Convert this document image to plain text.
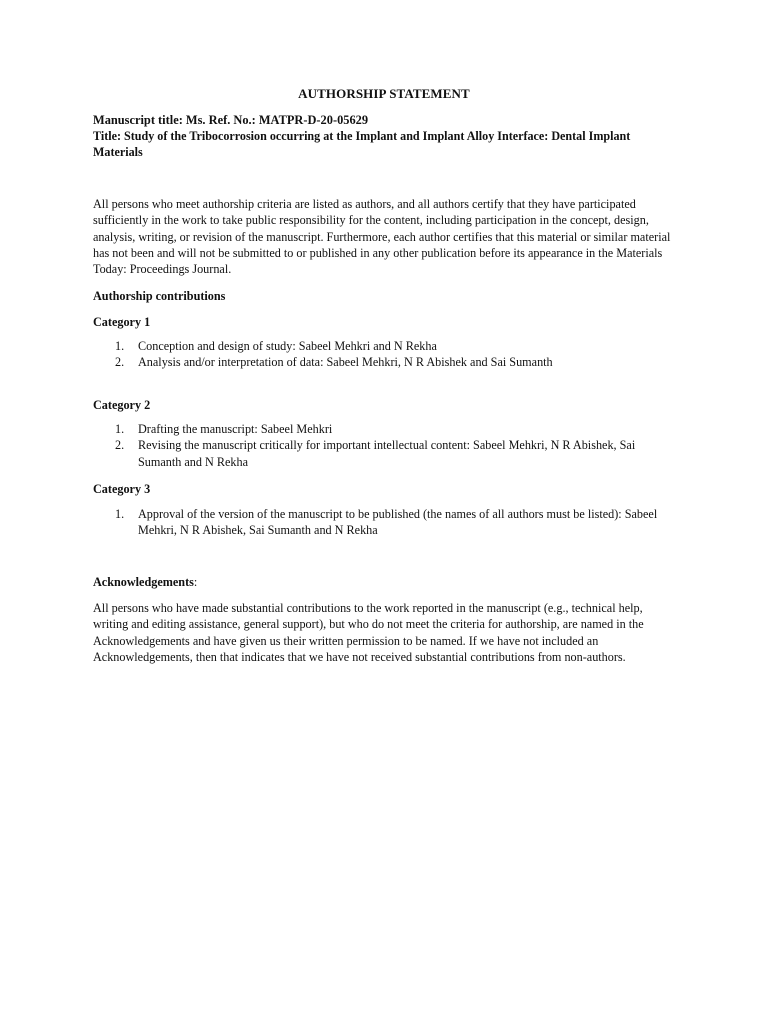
AUTHORSHIP STATEMENT
Manuscript title: Ms. Ref. No.: MATPR-D-20-05629
Title: Study of the Tribocorrosion occurring at the Implant and Implant Alloy Interface: Dental Implant Materials
All persons who meet authorship criteria are listed as authors, and all authors certify that they have participated sufficiently in the work to take public responsibility for the content, including participation in the concept, design, analysis, writing, or revision of the manuscript. Furthermore, each author certifies that this material or similar material has not been and will not be submitted to or published in any other publication before its appearance in the Materials Today: Proceedings Journal.
Authorship contributions
Category 1
1. Conception and design of study: Sabeel Mehkri and N Rekha
2. Analysis and/or interpretation of data: Sabeel Mehkri, N R Abishek and Sai Sumanth
Category 2
1. Drafting the manuscript: Sabeel Mehkri
2. Revising the manuscript critically for important intellectual content: Sabeel Mehkri, N R Abishek, Sai Sumanth and N Rekha
Category 3
1. Approval of the version of the manuscript to be published (the names of all authors must be listed): Sabeel Mehkri, N R Abishek, Sai Sumanth and N Rekha
Acknowledgements:
All persons who have made substantial contributions to the work reported in the manuscript (e.g., technical help, writing and editing assistance, general support), but who do not meet the criteria for authorship, are named in the Acknowledgements and have given us their written permission to be named. If we have not included an Acknowledgements, then that indicates that we have not received substantial contributions from non-authors.
